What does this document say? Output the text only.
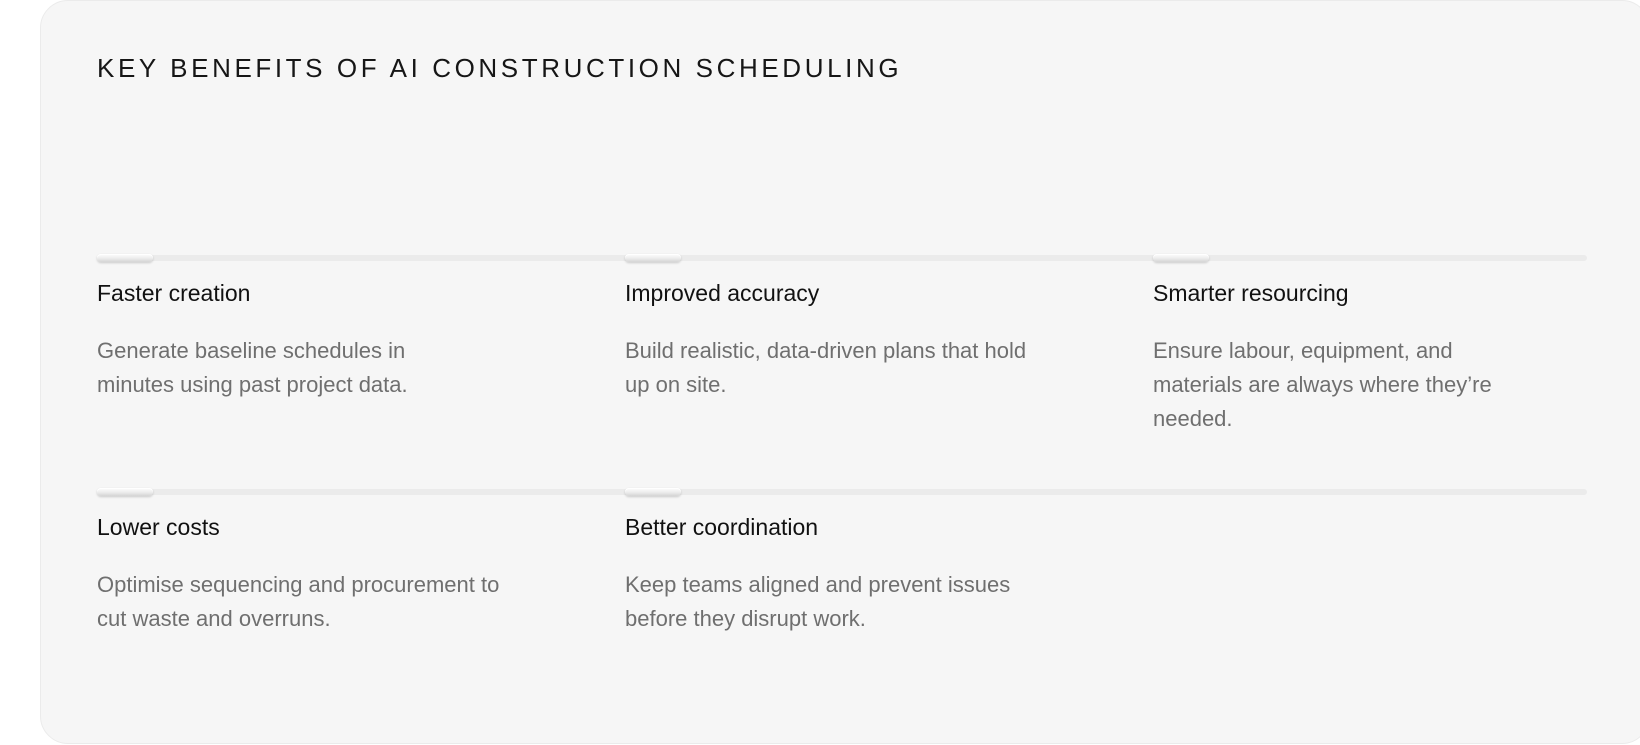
KEY BENEFITS OF AI CONSTRUCTION SCHEDULING
Faster creation

Generate baseline schedules in minutes using past project data.

Improved accuracy

Build realistic, data-driven plans that hold up on site.

Smarter resourcing

Ensure labour, equipment, and materials are always where they’re needed.

Lower costs

Optimise sequencing and procurement to cut waste and overruns.

Better coordination

Keep teams aligned and prevent issues before they disrupt work.
